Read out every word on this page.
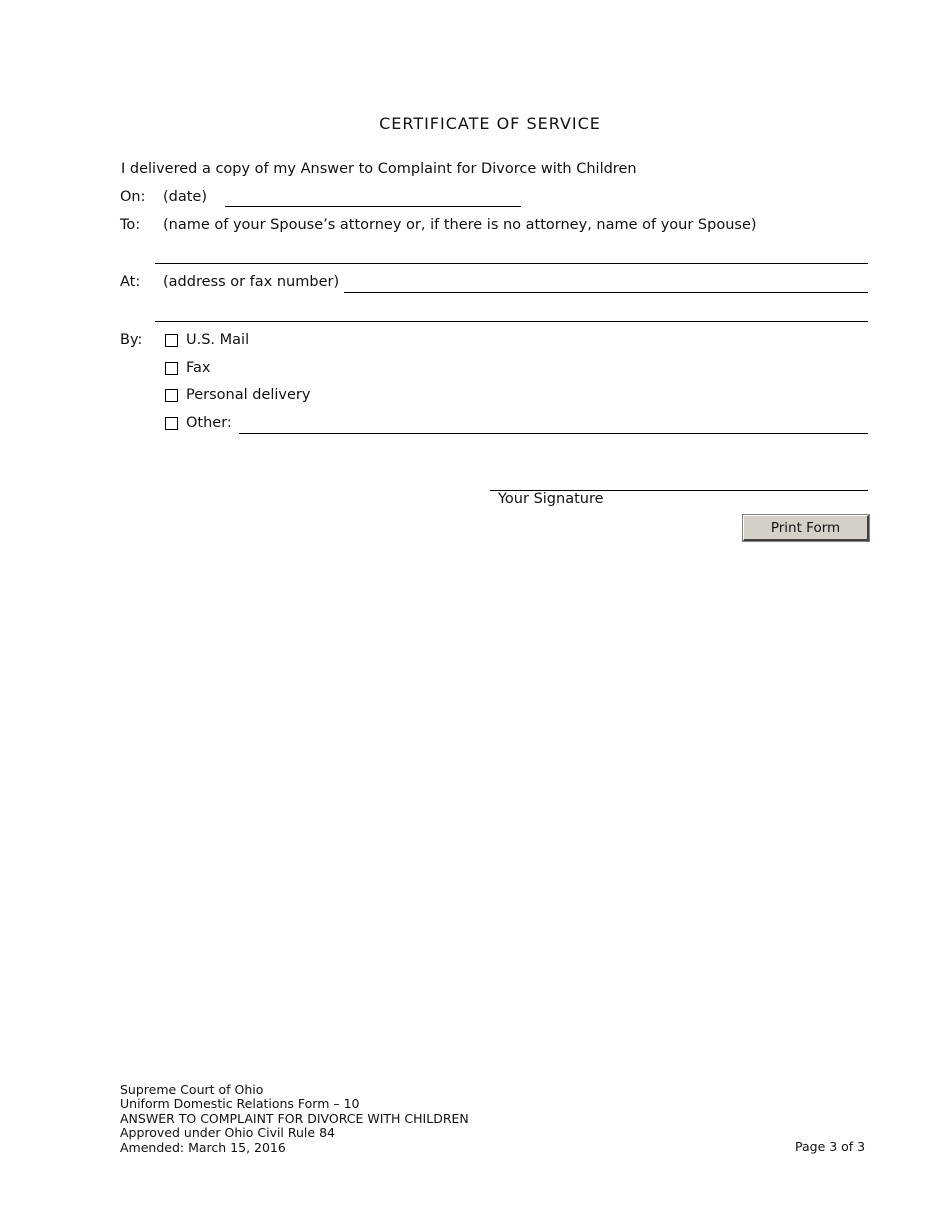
CERTIFICATE OF SERVICE
I delivered a copy of my Answer to Complaint for Divorce with Children
On: (date)
To: (name of your Spouse’s attorney or, if there is no attorney, name of your Spouse)
At: (address or fax number)
By:	U.S. Mail
Fax
Personal delivery
Other:
Your Signature
Print Form
Supreme Court of Ohio
Uniform Domestic Relations Form – 10
ANSWER TO COMPLAINT FOR DIVORCE WITH CHILDREN
Approved under Ohio Civil Rule 84
Amended: March 15, 2016	Page 3 of 3
